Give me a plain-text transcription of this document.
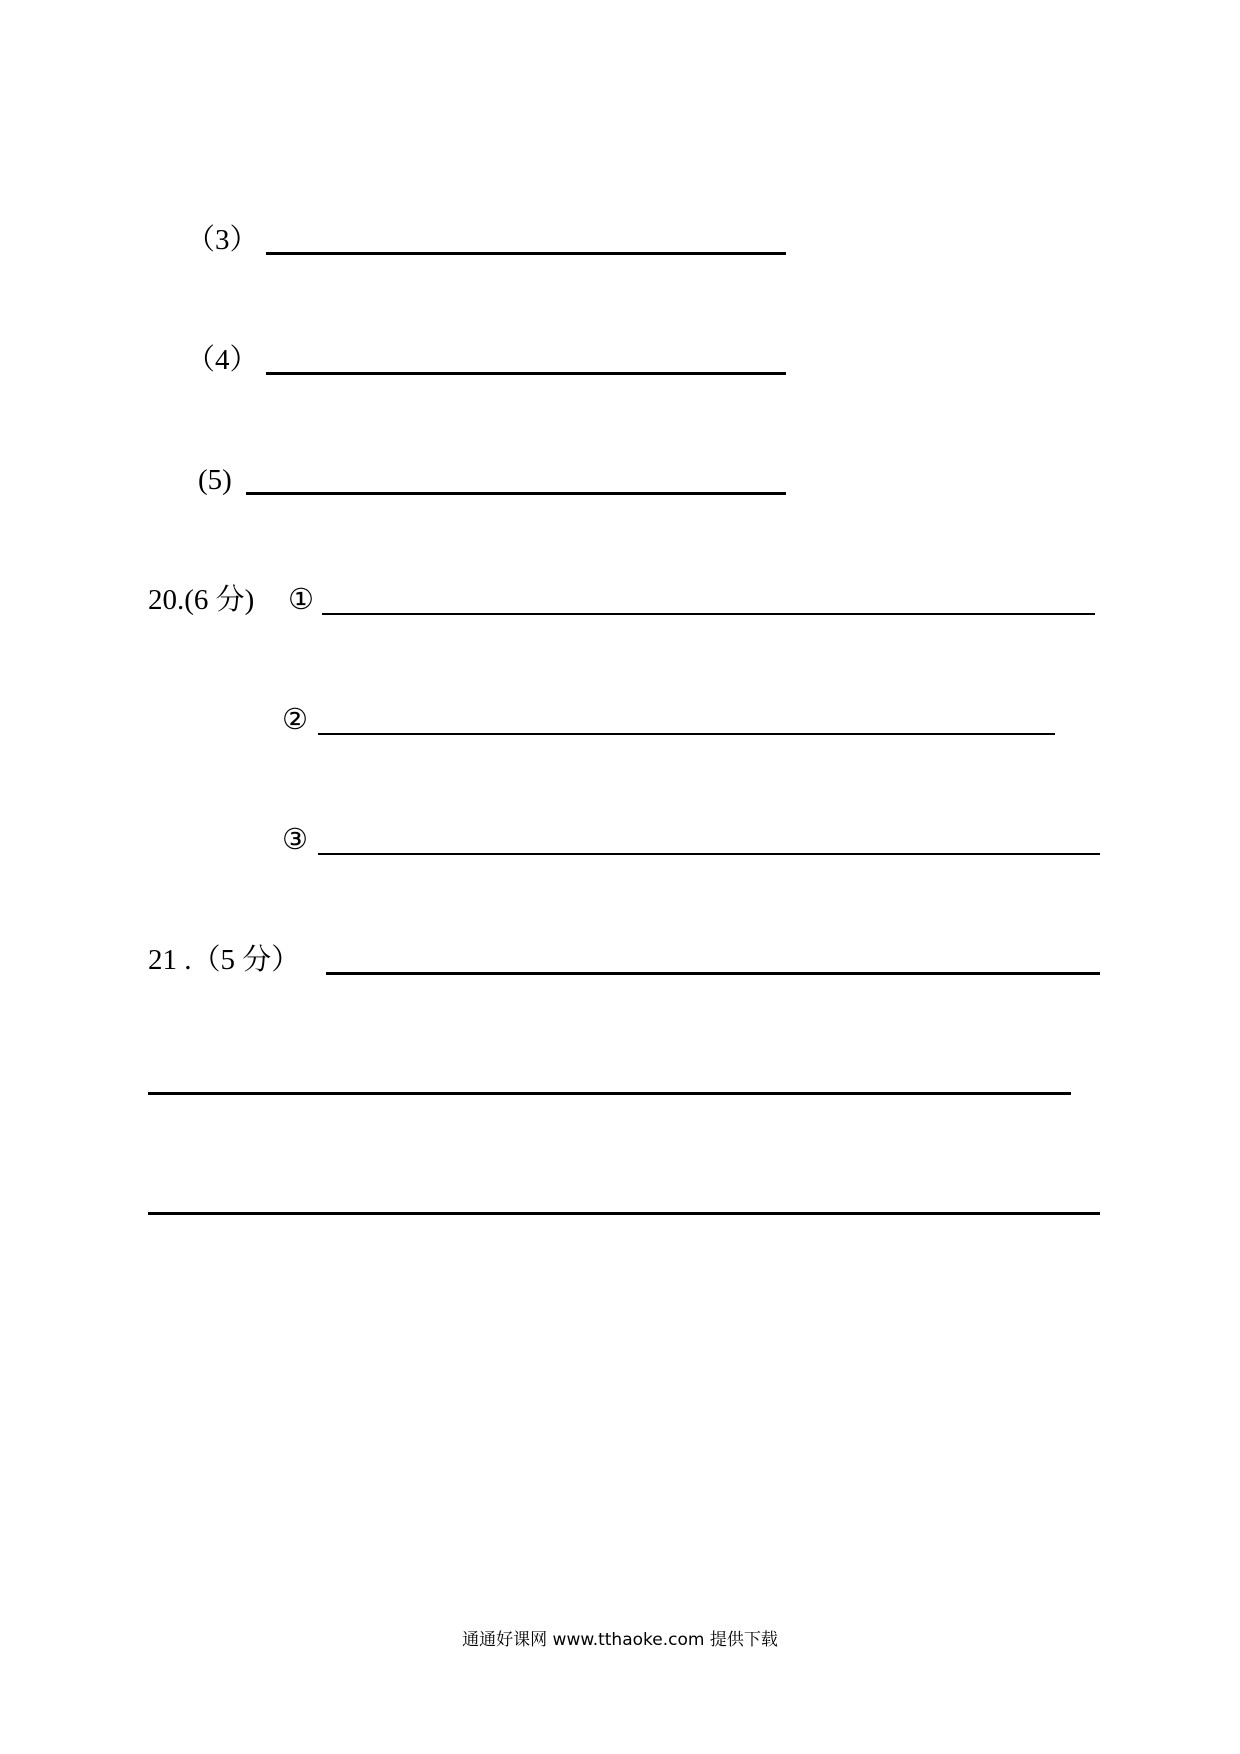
（3）
（4）
(5)
20.(6 分) ①
②
③
21 .（5 分）
通通好课网 www.tthaoke.com 提供下载
